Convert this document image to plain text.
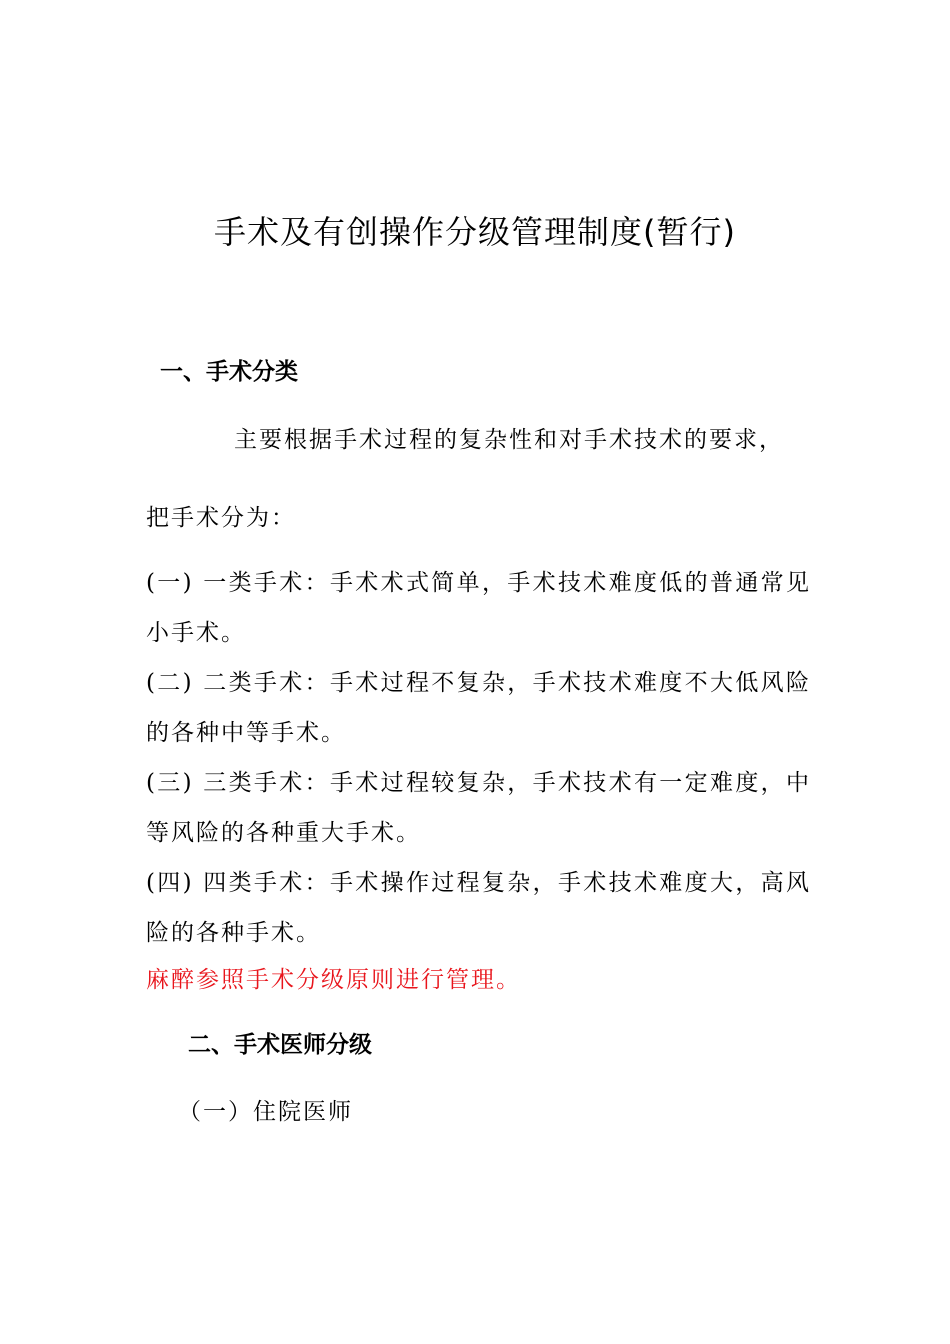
手术及有创操作分级管理制度(暂行)
一、手术分类
主要根据手术过程的复杂性和对手术技术的要求，
把手术分为：
(一) 一类手术：手术术式简单，手术技术难度低的普通常见小手术。
(二) 二类手术：手术过程不复杂，手术技术难度不大低风险的各种中等手术。
(三) 三类手术：手术过程较复杂，手术技术有一定难度，中等风险的各种重大手术。
(四) 四类手术：手术操作过程复杂，手术技术难度大，高风险的各种手术。
麻醉参照手术分级原则进行管理。
二、手术医师分级
（一）住院医师
